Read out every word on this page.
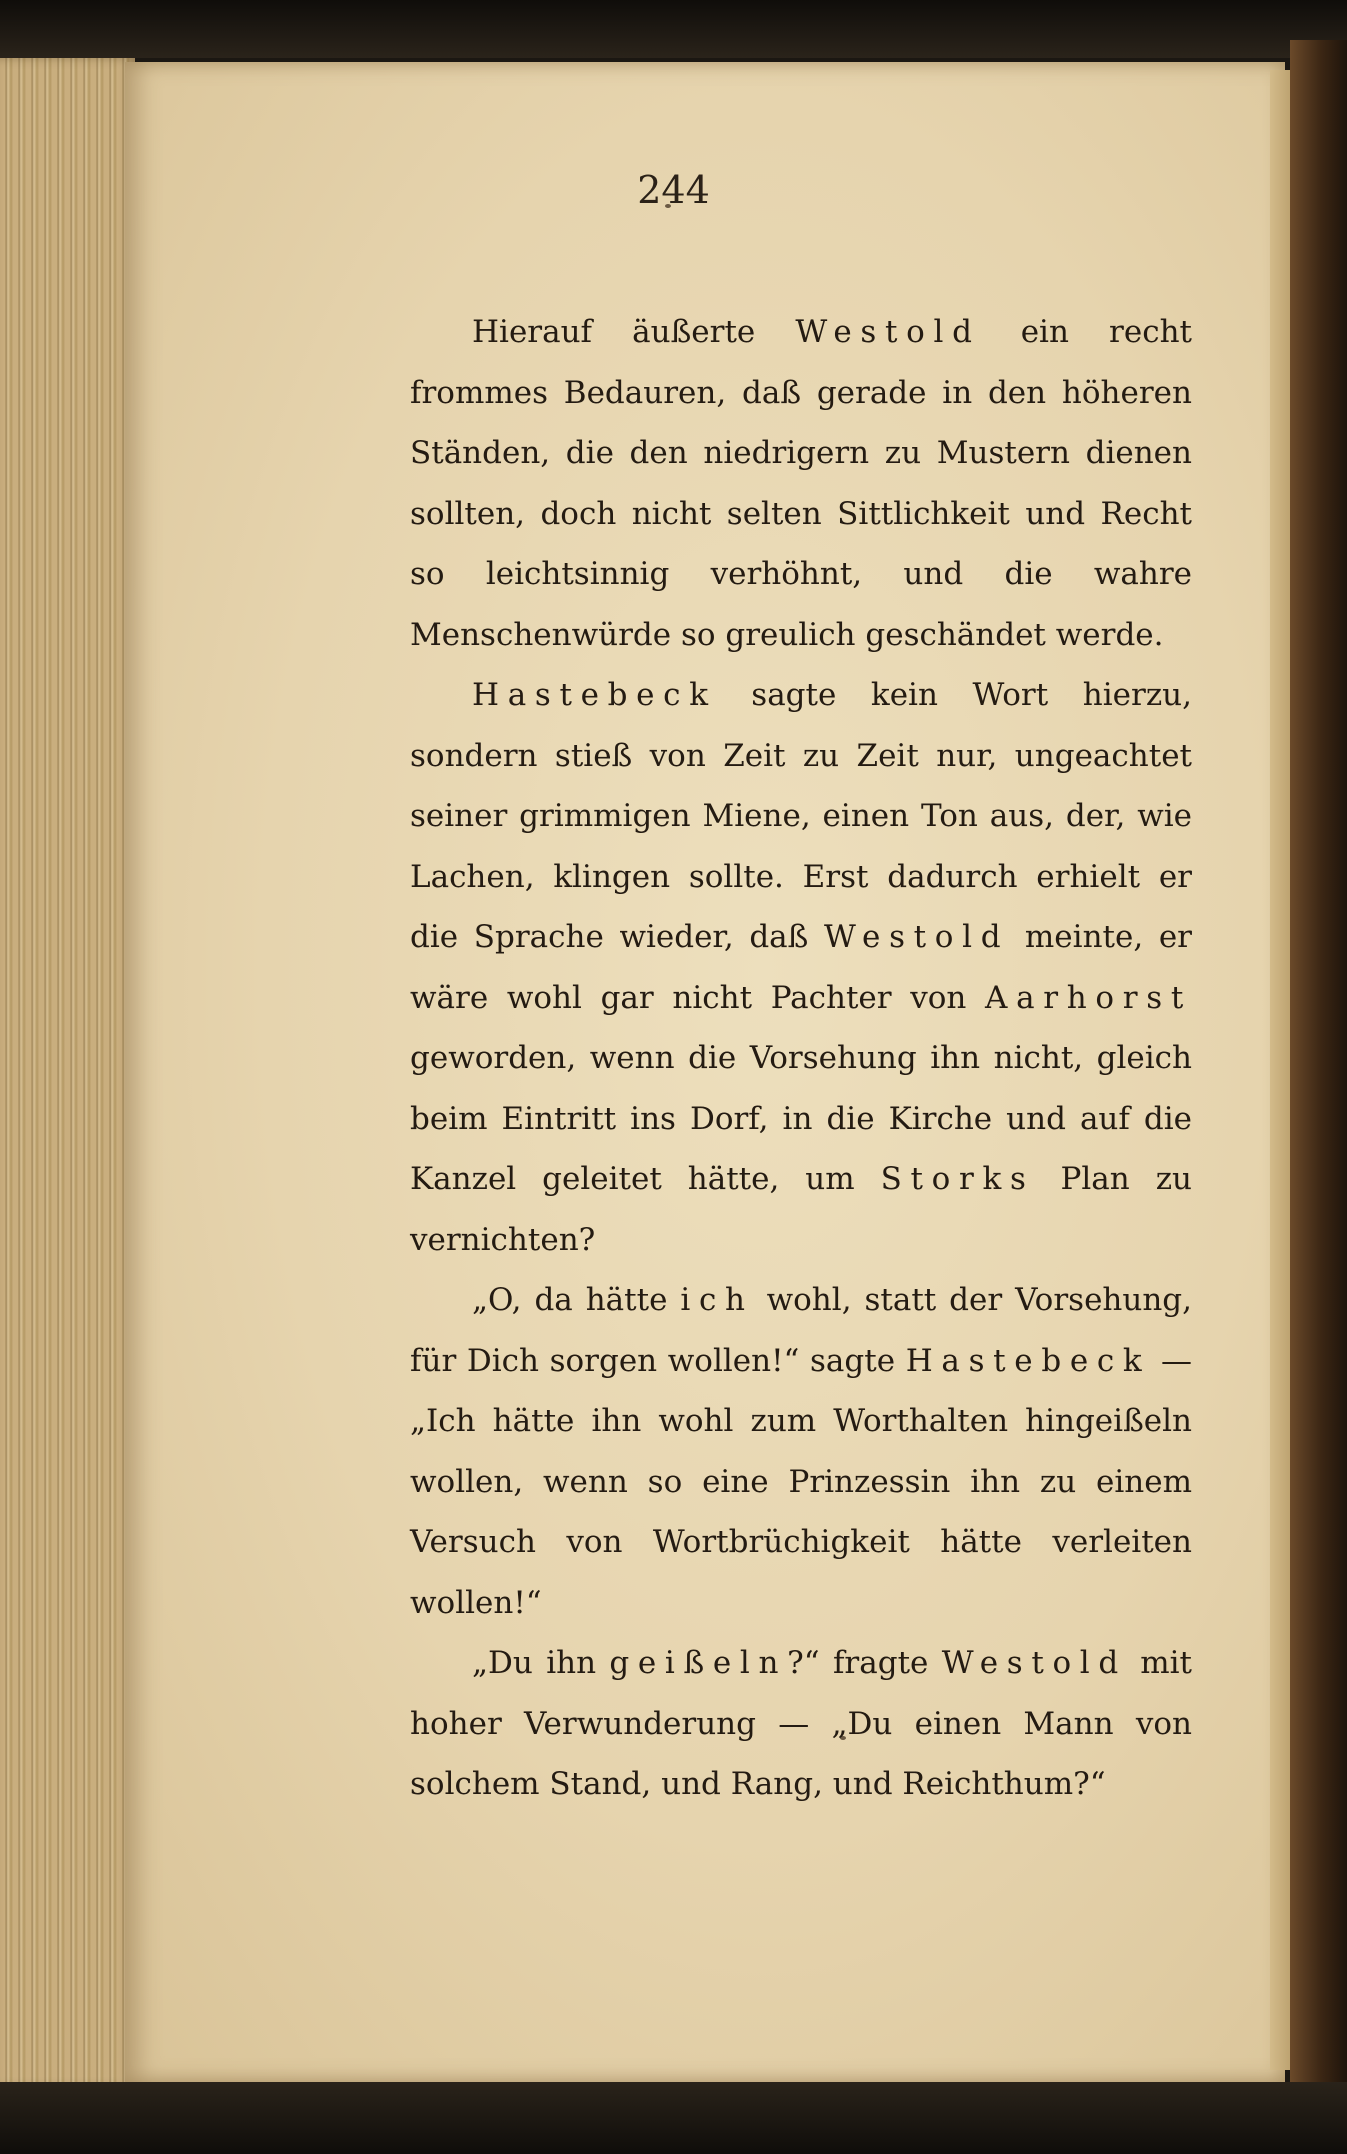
244

Hierauf äußerte Westold ein recht frommes Bedauren, daß gerade in den höheren Ständen, die den niedrigern zu Mustern dienen sollten, doch nicht selten Sittlichkeit und Recht so leichtsinnig verhöhnt, und die wahre Menschenwürde so greulich geschändet werde.

Hastebeck sagte kein Wort hierzu, sondern stieß von Zeit zu Zeit nur, ungeachtet seiner grimmigen Miene, einen Ton aus, der, wie Lachen, klingen sollte. Erst dadurch erhielt er die Sprache wieder, daß Westold meinte, er wäre wohl gar nicht Pachter von Aarhorst geworden, wenn die Vorsehung ihn nicht, gleich beim Eintritt ins Dorf, in die Kirche und auf die Kanzel geleitet hätte, um Storks Plan zu vernichten?

„O, da hätte ich wohl, statt der Vorsehung, für Dich sorgen wollen!“ sagte Hastebeck — „Ich hätte ihn wohl zum Worthalten hingeißeln wollen, wenn so eine Prinzessin ihn zu einem Versuch von Wortbrüchigkeit hätte verleiten wollen!“

„Du ihn geißeln?“ fragte Westold mit hoher Verwunderung — „Du einen Mann von solchem Stand, und Rang, und Reichthum?“
